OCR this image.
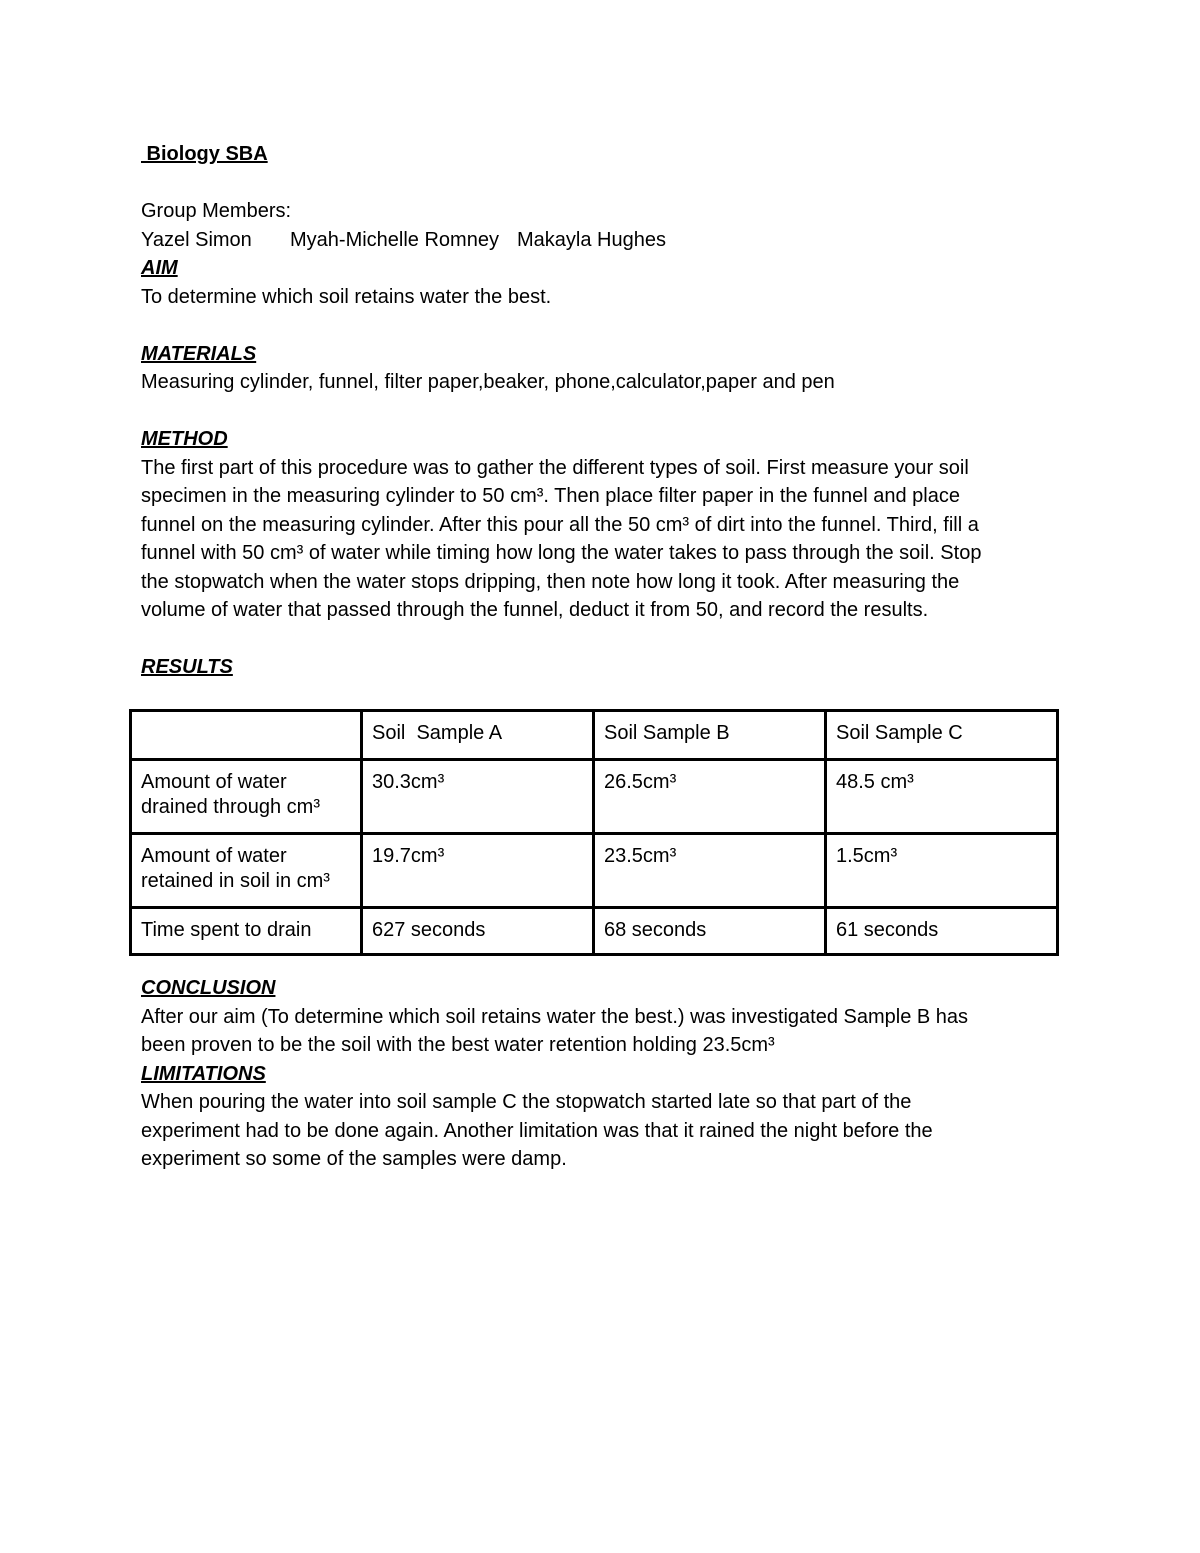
Biology SBA
Group Members:
Yazel Simon Myah-Michelle Romney Makayla Hughes
AIM
To determine which soil retains water the best.
MATERIALS
Measuring cylinder, funnel, filter paper,beaker, phone,calculator,paper and pen
METHOD
The first part of this procedure was to gather the different types of soil. First measure your soil
specimen in the measuring cylinder to 50 cm³. Then place filter paper in the funnel and place
funnel on the measuring cylinder. After this pour all the 50 cm³ of dirt into the funnel. Third, fill a
funnel with 50 cm³ of water while timing how long the water takes to pass through the soil. Stop
the stopwatch when the water stops dripping, then note how long it took. After measuring the
volume of water that passed through the funnel, deduct it from 50, and record the results.
RESULTS
	Soil  Sample A	Soil Sample B	Soil Sample C

Amount of water
drained through cm³	30.3cm³	26.5cm³	48.5 cm³

Amount of water
retained in soil in cm³	19.7cm³	23.5cm³	1.5cm³

Time spent to drain	627 seconds	68 seconds	61 seconds
CONCLUSION
After our aim (To determine which soil retains water the best.) was investigated Sample B has
been proven to be the soil with the best water retention holding 23.5cm³
LIMITATIONS
When pouring the water into soil sample C the stopwatch started late so that part of the
experiment had to be done again. Another limitation was that it rained the night before the
experiment so some of the samples were damp.
